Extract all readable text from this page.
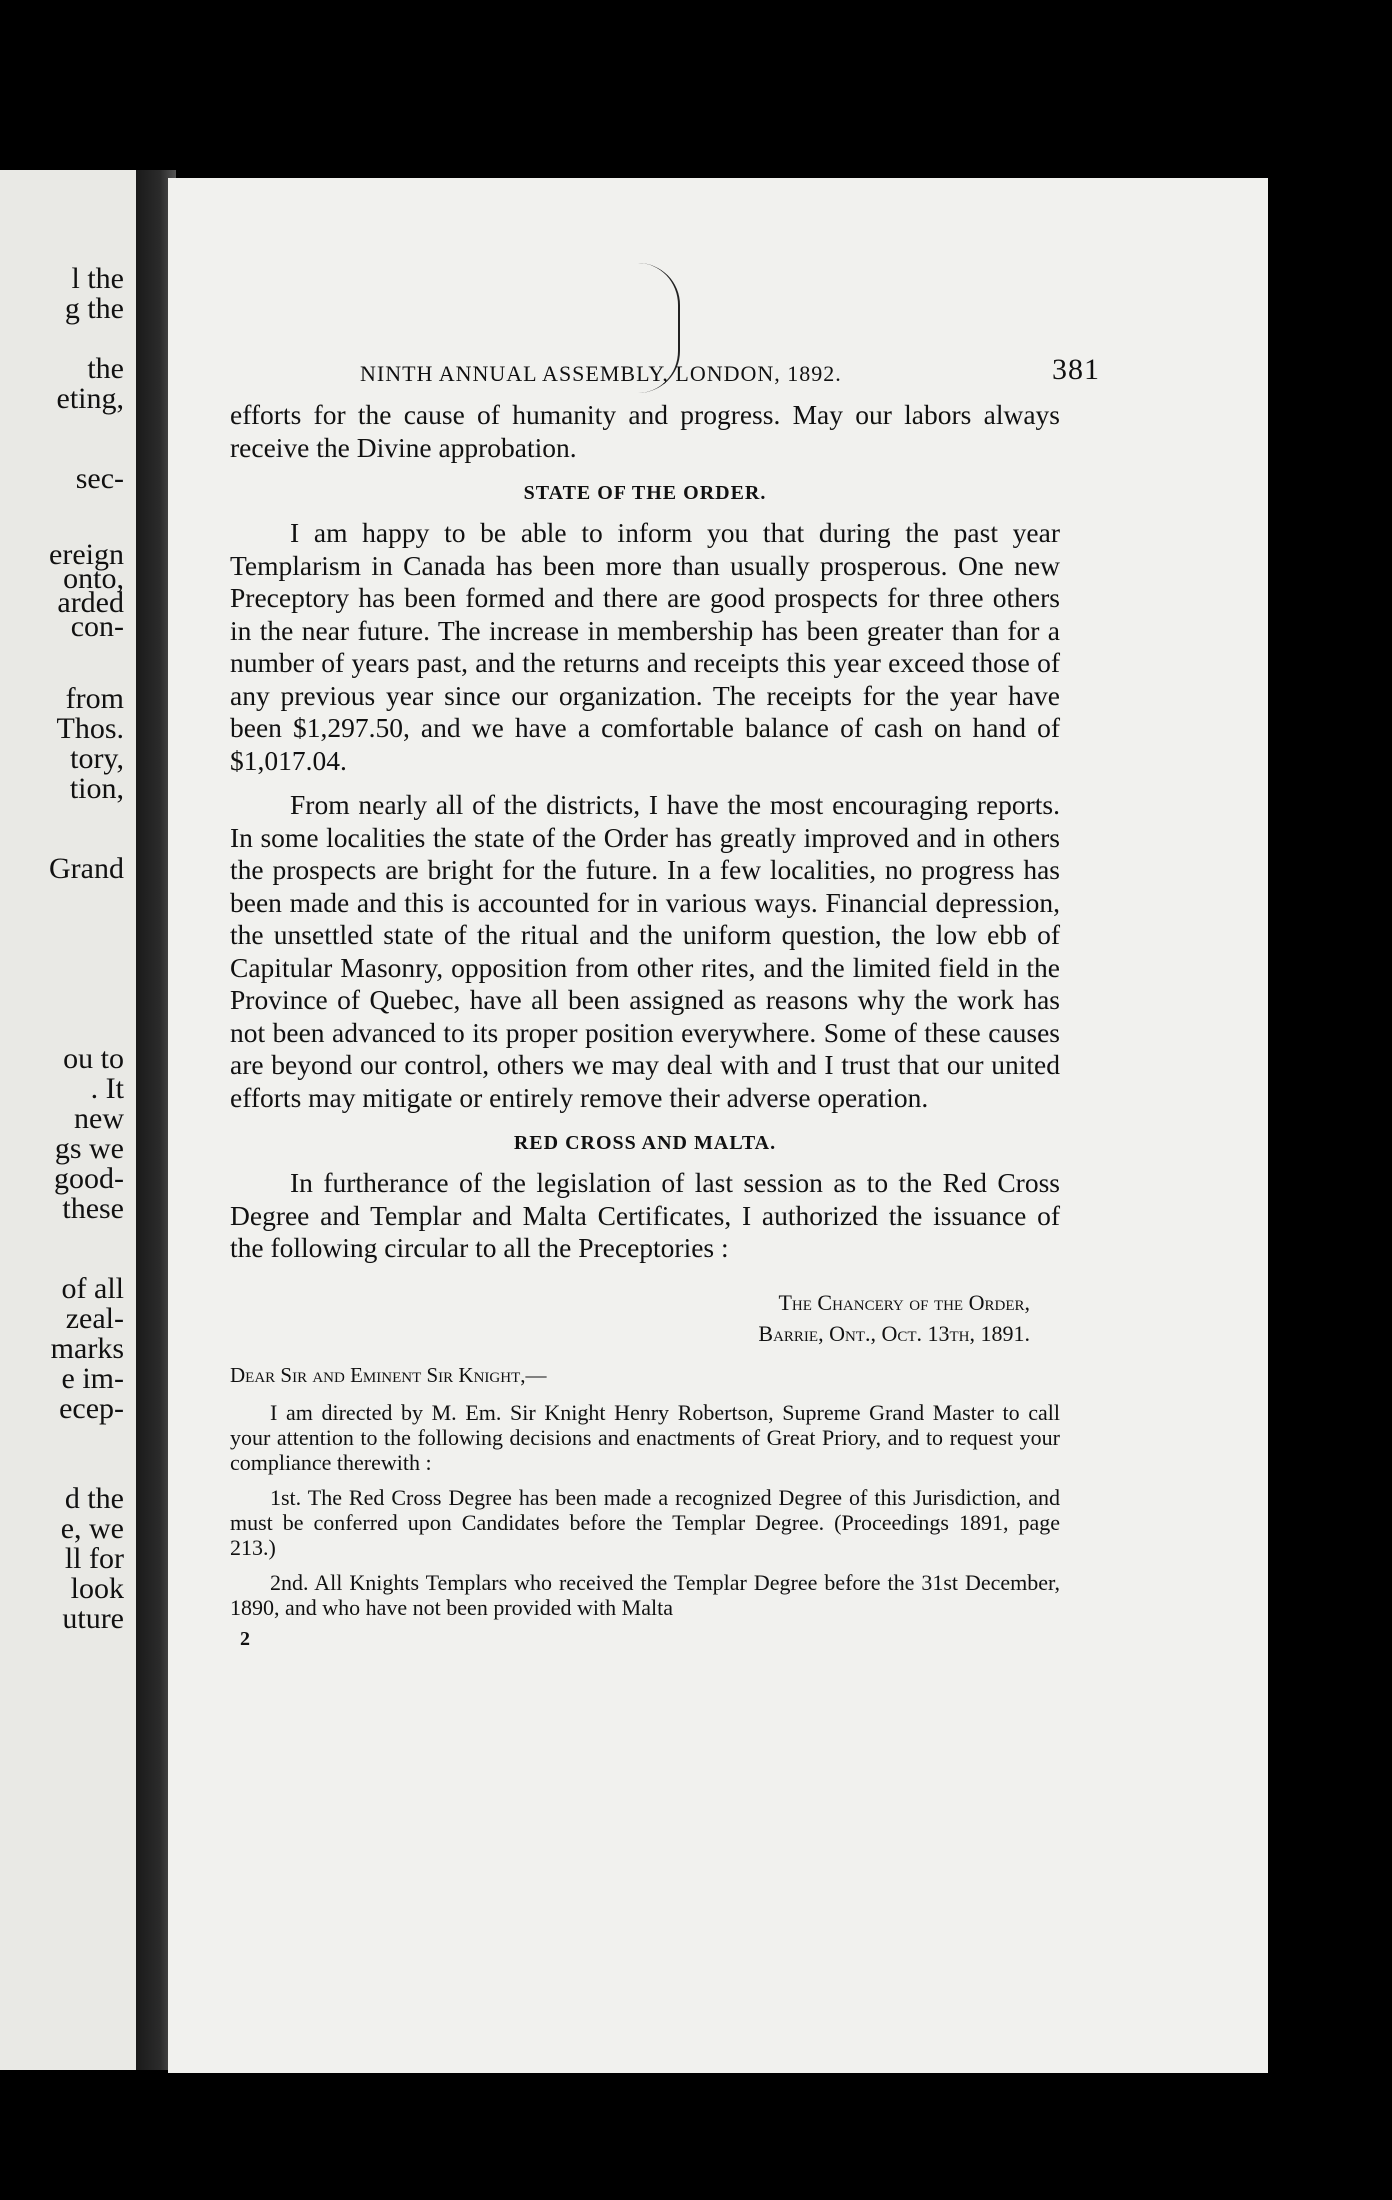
l the
g the
the
eting,
sec-
ereign
onto,
arded
con-
from
Thos.
tory,
tion,
Grand
ou to
. It
new
gs we
good-
these
of all
zeal-
marks
e im-
ecep-
d the
e, we
ll for
look
uture
NINTH ANNUAL ASSEMBLY, LONDON, 1892.	381

efforts for the cause of humanity and progress. May our labors always receive the Divine approbation.

STATE OF THE ORDER.

I am happy to be able to inform you that during the past year Templarism in Canada has been more than usually prosperous. One new Preceptory has been formed and there are good prospects for three others in the near future. The increase in membership has been greater than for a number of years past, and the returns and receipts this year exceed those of any previous year since our organization. The receipts for the year have been $1,297.50, and we have a comfortable balance of cash on hand of $1,017.04.

From nearly all of the districts, I have the most encouraging reports. In some localities the state of the Order has greatly improved and in others the prospects are bright for the future. In a few localities, no progress has been made and this is accounted for in various ways. Financial depression, the unsettled state of the ritual and the uniform question, the low ebb of Capitular Masonry, opposition from other rites, and the limited field in the Province of Quebec, have all been assigned as reasons why the work has not been advanced to its proper position everywhere. Some of these causes are beyond our control, others we may deal with and I trust that our united efforts may mitigate or entirely remove their adverse operation.

RED CROSS AND MALTA.

In furtherance of the legislation of last session as to the Red Cross Degree and Templar and Malta Certificates, I authorized the issuance of the following circular to all the Preceptories :

The Chancery of the Order,
Barrie, Ont., Oct. 13th, 1891.
Dear Sir and Eminent Sir Knight,—

I am directed by M. Em. Sir Knight Henry Robertson, Supreme Grand Master to call your attention to the following decisions and enactments of Great Priory, and to request your compliance therewith :

1st. The Red Cross Degree has been made a recognized Degree of this Jurisdiction, and must be conferred upon Candidates before the Templar Degree. (Proceedings 1891, page 213.)

2nd. All Knights Templars who received the Templar Degree before the 31st December, 1890, and who have not been provided with Malta

2
